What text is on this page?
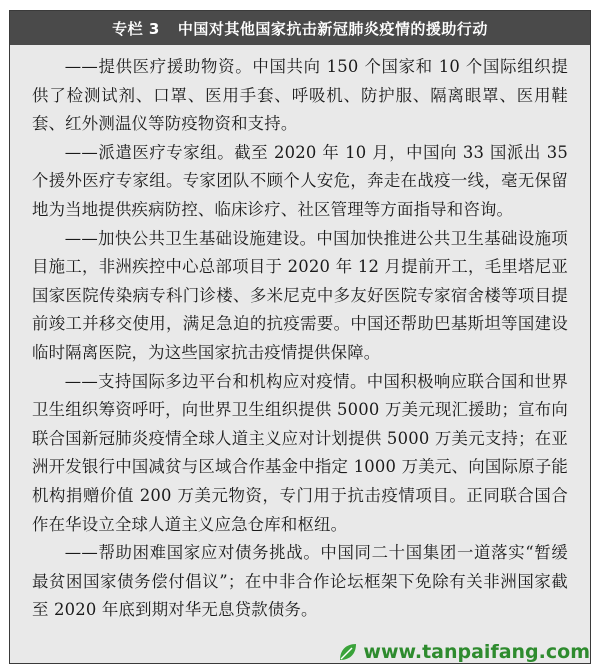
专栏 3 中国对其他国家抗击新冠肺炎疫情的援助行动

——提供医疗援助物资。中国共向 150 个国家和 10 个国际组织提供了检测试剂、口罩、医用手套、呼吸机、防护服、隔离眼罩、医用鞋套、红外测温仪等防疫物资和支持。

——派遣医疗专家组。截至 2020 年 10 月，中国向 33 国派出 35 个援外医疗专家组。专家团队不顾个人安危，奔走在战疫一线，毫无保留地为当地提供疾病防控、临床诊疗、社区管理等方面指导和咨询。

——加快公共卫生基础设施建设。中国加快推进公共卫生基础设施项目施工，非洲疾控中心总部项目于 2020 年 12 月提前开工，毛里塔尼亚国家医院传染病专科门诊楼、多米尼克中多友好医院专家宿舍楼等项目提前竣工并移交使用，满足急迫的抗疫需要。中国还帮助巴基斯坦等国建设临时隔离医院，为这些国家抗击疫情提供保障。

——支持国际多边平台和机构应对疫情。中国积极响应联合国和世界卫生组织筹资呼吁，向世界卫生组织提供 5000 万美元现汇援助；宣布向联合国新冠肺炎疫情全球人道主义应对计划提供 5000 万美元支持；在亚洲开发银行中国减贫与区域合作基金中指定 1000 万美元、向国际原子能机构捐赠价值 200 万美元物资，专门用于抗击疫情项目。正同联合国合作在华设立全球人道主义应急仓库和枢纽。

——帮助困难国家应对债务挑战。中国同二十国集团一道落实“暂缓最贫困国家债务偿付倡议”；在中非合作论坛框架下免除有关非洲国家截至 2020 年底到期对华无息贷款债务。

www.tanpaifang.com
